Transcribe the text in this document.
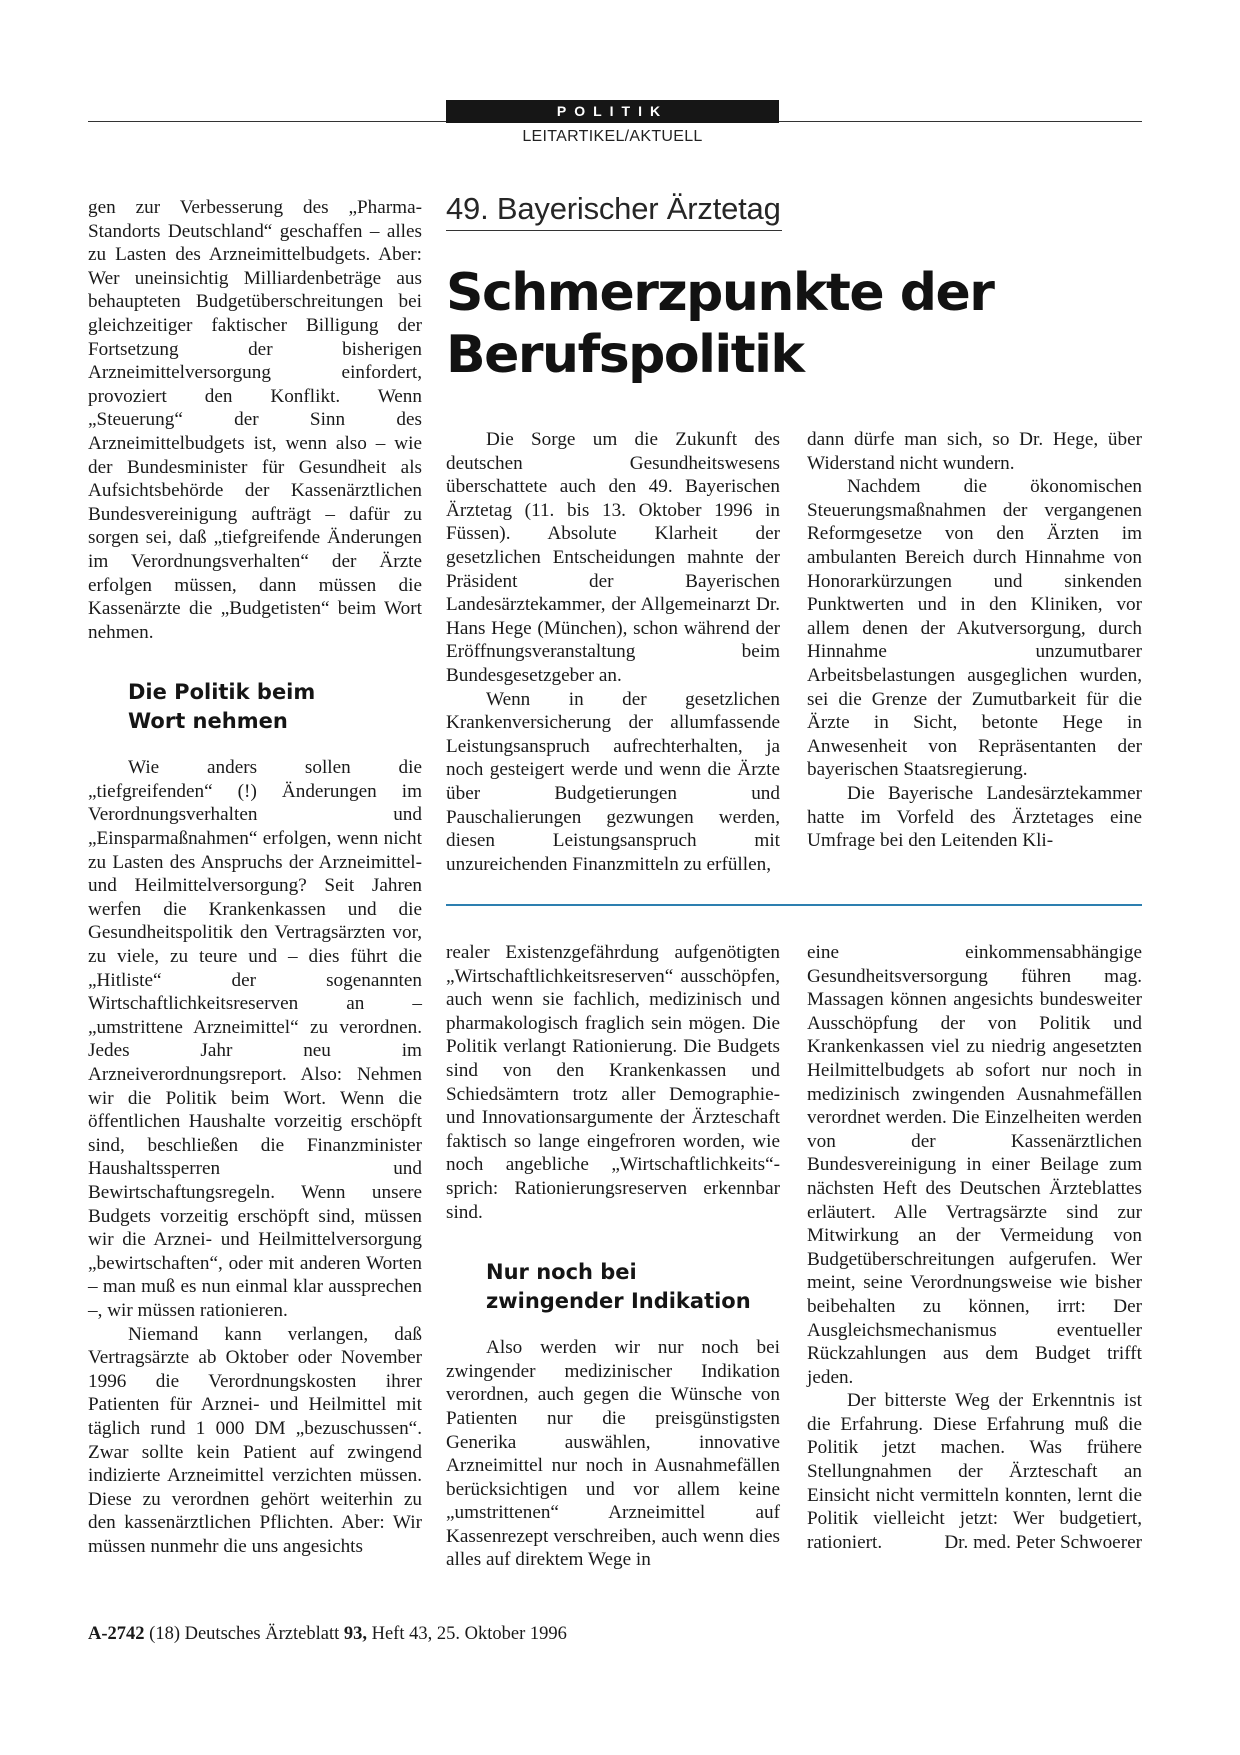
POLITIK
LEITARTIKEL/AKTUELL

gen zur Verbesserung des „Pharma-Standorts Deutschland“ geschaffen – alles zu Lasten des Arzneimittelbudgets. Aber: Wer uneinsichtig Milliardenbeträge aus behaupteten Budgetüberschreitungen bei gleichzeitiger faktischer Billigung der Fortsetzung der bisherigen Arzneimittelversorgung einfordert, provoziert den Konflikt. Wenn „Steuerung“ der Sinn des Arzneimittelbudgets ist, wenn also – wie der Bundesminister für Gesundheit als Aufsichtsbehörde der Kassenärztlichen Bundesvereinigung aufträgt – dafür zu sorgen sei, daß „tiefgreifende Änderungen im Verordnungsverhalten“ der Ärzte erfolgen müssen, dann müssen die Kassenärzte die „Budgetisten“ beim Wort nehmen.

Die Politik beim
Wort nehmen

Wie anders sollen die „tiefgreifenden“ (!) Änderungen im Verordnungsverhalten und „Einsparmaßnahmen“ erfolgen, wenn nicht zu Lasten des Anspruchs der Arzneimittel- und Heilmittelversorgung? Seit Jahren werfen die Krankenkassen und die Gesundheitspolitik den Vertragsärzten vor, zu viele, zu teure und – dies führt die „Hitliste“ der sogenannten Wirtschaftlichkeitsreserven an – „umstrittene Arzneimittel“ zu verordnen. Jedes Jahr neu im Arzneiverordnungsreport. Also: Nehmen wir die Politik beim Wort. Wenn die öffentlichen Haushalte vorzeitig erschöpft sind, beschließen die Finanzminister Haushaltssperren und Bewirtschaftungsregeln. Wenn unsere Budgets vorzeitig erschöpft sind, müssen wir die Arznei- und Heilmittelversorgung „bewirtschaften“, oder mit anderen Worten – man muß es nun einmal klar aussprechen –, wir müssen rationieren.

Niemand kann verlangen, daß Vertragsärzte ab Oktober oder November 1996 die Verordnungskosten ihrer Patienten für Arznei- und Heilmittel mit täglich rund 1 000 DM „bezuschussen“. Zwar sollte kein Patient auf zwingend indizierte Arzneimittel verzichten müssen. Diese zu verordnen gehört weiterhin zu den kassenärztlichen Pflichten. Aber: Wir müssen nunmehr die uns angesichts

49. Bayerischer Ärztetag
Schmerzpunkte der
Berufspolitik

Die Sorge um die Zukunft des deutschen Gesundheitswesens überschattete auch den 49. Bayerischen Ärztetag (11. bis 13. Oktober 1996 in Füssen). Absolute Klarheit der gesetzlichen Entscheidungen mahnte der Präsident der Bayerischen Landesärztekammer, der Allgemeinarzt Dr. Hans Hege (München), schon während der Eröffnungsveranstaltung beim Bundesgesetzgeber an.

Wenn in der gesetzlichen Krankenversicherung der allumfassende Leistungsanspruch aufrechterhalten, ja noch gesteigert werde und wenn die Ärzte über Budgetierungen und Pauschalierungen gezwungen werden, diesen Leistungsanspruch mit unzureichenden Finanzmitteln zu erfüllen,

dann dürfe man sich, so Dr. Hege, über Widerstand nicht wundern.

Nachdem die ökonomischen Steuerungsmaßnahmen der vergangenen Reformgesetze von den Ärzten im ambulanten Bereich durch Hinnahme von Honorarkürzungen und sinkenden Punktwerten und in den Kliniken, vor allem denen der Akutversorgung, durch Hinnahme unzumutbarer Arbeitsbelastungen ausgeglichen wurden, sei die Grenze der Zumutbarkeit für die Ärzte in Sicht, betonte Hege in Anwesenheit von Repräsentanten der bayerischen Staatsregierung.

Die Bayerische Landesärztekammer hatte im Vorfeld des Ärztetages eine Umfrage bei den Leitenden Kli-

realer Existenzgefährdung aufgenötigten „Wirtschaftlichkeitsreserven“ ausschöpfen, auch wenn sie fachlich, medizinisch und pharmakologisch fraglich sein mögen. Die Politik verlangt Rationierung. Die Budgets sind von den Krankenkassen und Schiedsämtern trotz aller Demographie- und Innovationsargumente der Ärzteschaft faktisch so lange eingefroren worden, wie noch angebliche „Wirtschaftlichkeits“- sprich: Rationierungsreserven erkennbar sind.

Nur noch bei
zwingender Indikation

Also werden wir nur noch bei zwingender medizinischer Indikation verordnen, auch gegen die Wünsche von Patienten nur die preisgünstigsten Generika auswählen, innovative Arzneimittel nur noch in Ausnahmefällen berücksichtigen und vor allem keine „umstrittenen“ Arzneimittel auf Kassenrezept verschreiben, auch wenn dies alles auf direktem Wege in

eine einkommensabhängige Gesundheitsversorgung führen mag. Massagen können angesichts bundesweiter Ausschöpfung der von Politik und Krankenkassen viel zu niedrig angesetzten Heilmittelbudgets ab sofort nur noch in medizinisch zwingenden Ausnahmefällen verordnet werden. Die Einzelheiten werden von der Kassenärztlichen Bundesvereinigung in einer Beilage zum nächsten Heft des Deutschen Ärzteblattes erläutert. Alle Vertragsärzte sind zur Mitwirkung an der Vermeidung von Budgetüberschreitungen aufgerufen. Wer meint, seine Verordnungsweise wie bisher beibehalten zu können, irrt: Der Ausgleichsmechanismus eventueller Rückzahlungen aus dem Budget trifft jeden.

Der bitterste Weg der Erkenntnis ist die Erfahrung. Diese Erfahrung muß die Politik jetzt machen. Was frühere Stellungnahmen der Ärzteschaft an Einsicht nicht vermitteln konnten, lernt die Politik vielleicht jetzt: Wer budgetiert, rationiert.	Dr. med. Peter Schwoerer

A-2742 (18) Deutsches Ärzteblatt 93, Heft 43, 25. Oktober 1996
